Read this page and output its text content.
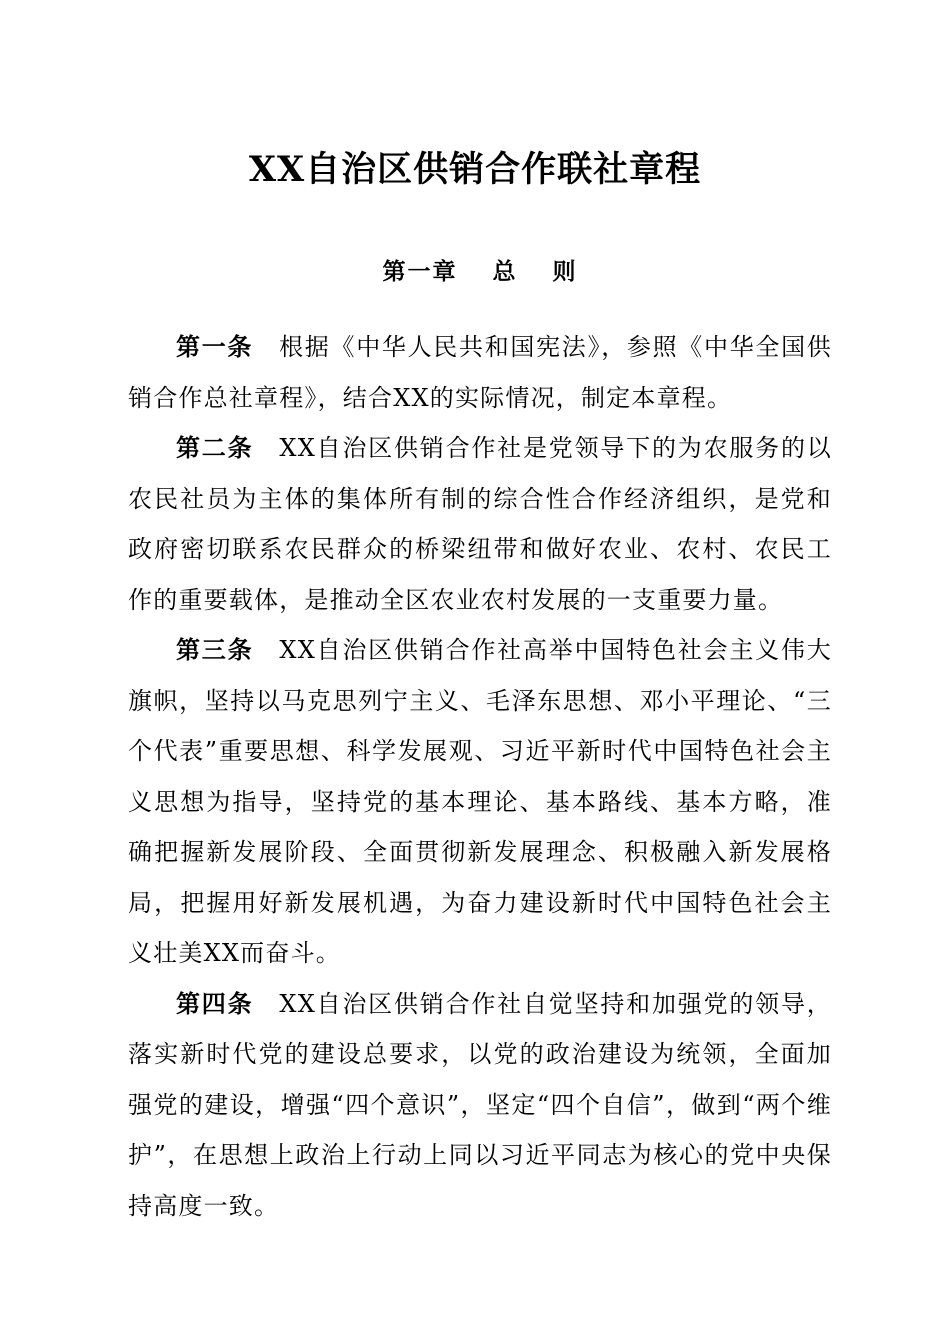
XX自治区供销合作联社章程
第一章　 总　 则

第一条 根据《中华人民共和国宪法》，参照《中华全国供销合作总社章程》，结合XX的实际情况，制定本章程。

第二条 XX自治区供销合作社是党领导下的为农服务的以农民社员为主体的集体所有制的综合性合作经济组织，是党和政府密切联系农民群众的桥梁纽带和做好农业、农村、农民工作的重要载体，是推动全区农业农村发展的一支重要力量。

第三条 XX自治区供销合作社高举中国特色社会主义伟大旗帜，坚持以马克思列宁主义、毛泽东思想、邓小平理论、“三个代表”重要思想、科学发展观、习近平新时代中国特色社会主义思想为指导，坚持党的基本理论、基本路线、基本方略，准确把握新发展阶段、全面贯彻新发展理念、积极融入新发展格局，把握用好新发展机遇，为奋力建设新时代中国特色社会主义壮美XX而奋斗。

第四条 XX自治区供销合作社自觉坚持和加强党的领导，落实新时代党的建设总要求，以党的政治建设为统领，全面加强党的建设，增强“四个意识”，坚定“四个自信”，做到“两个维护”，在思想上政治上行动上同以习近平同志为核心的党中央保持高度一致。
